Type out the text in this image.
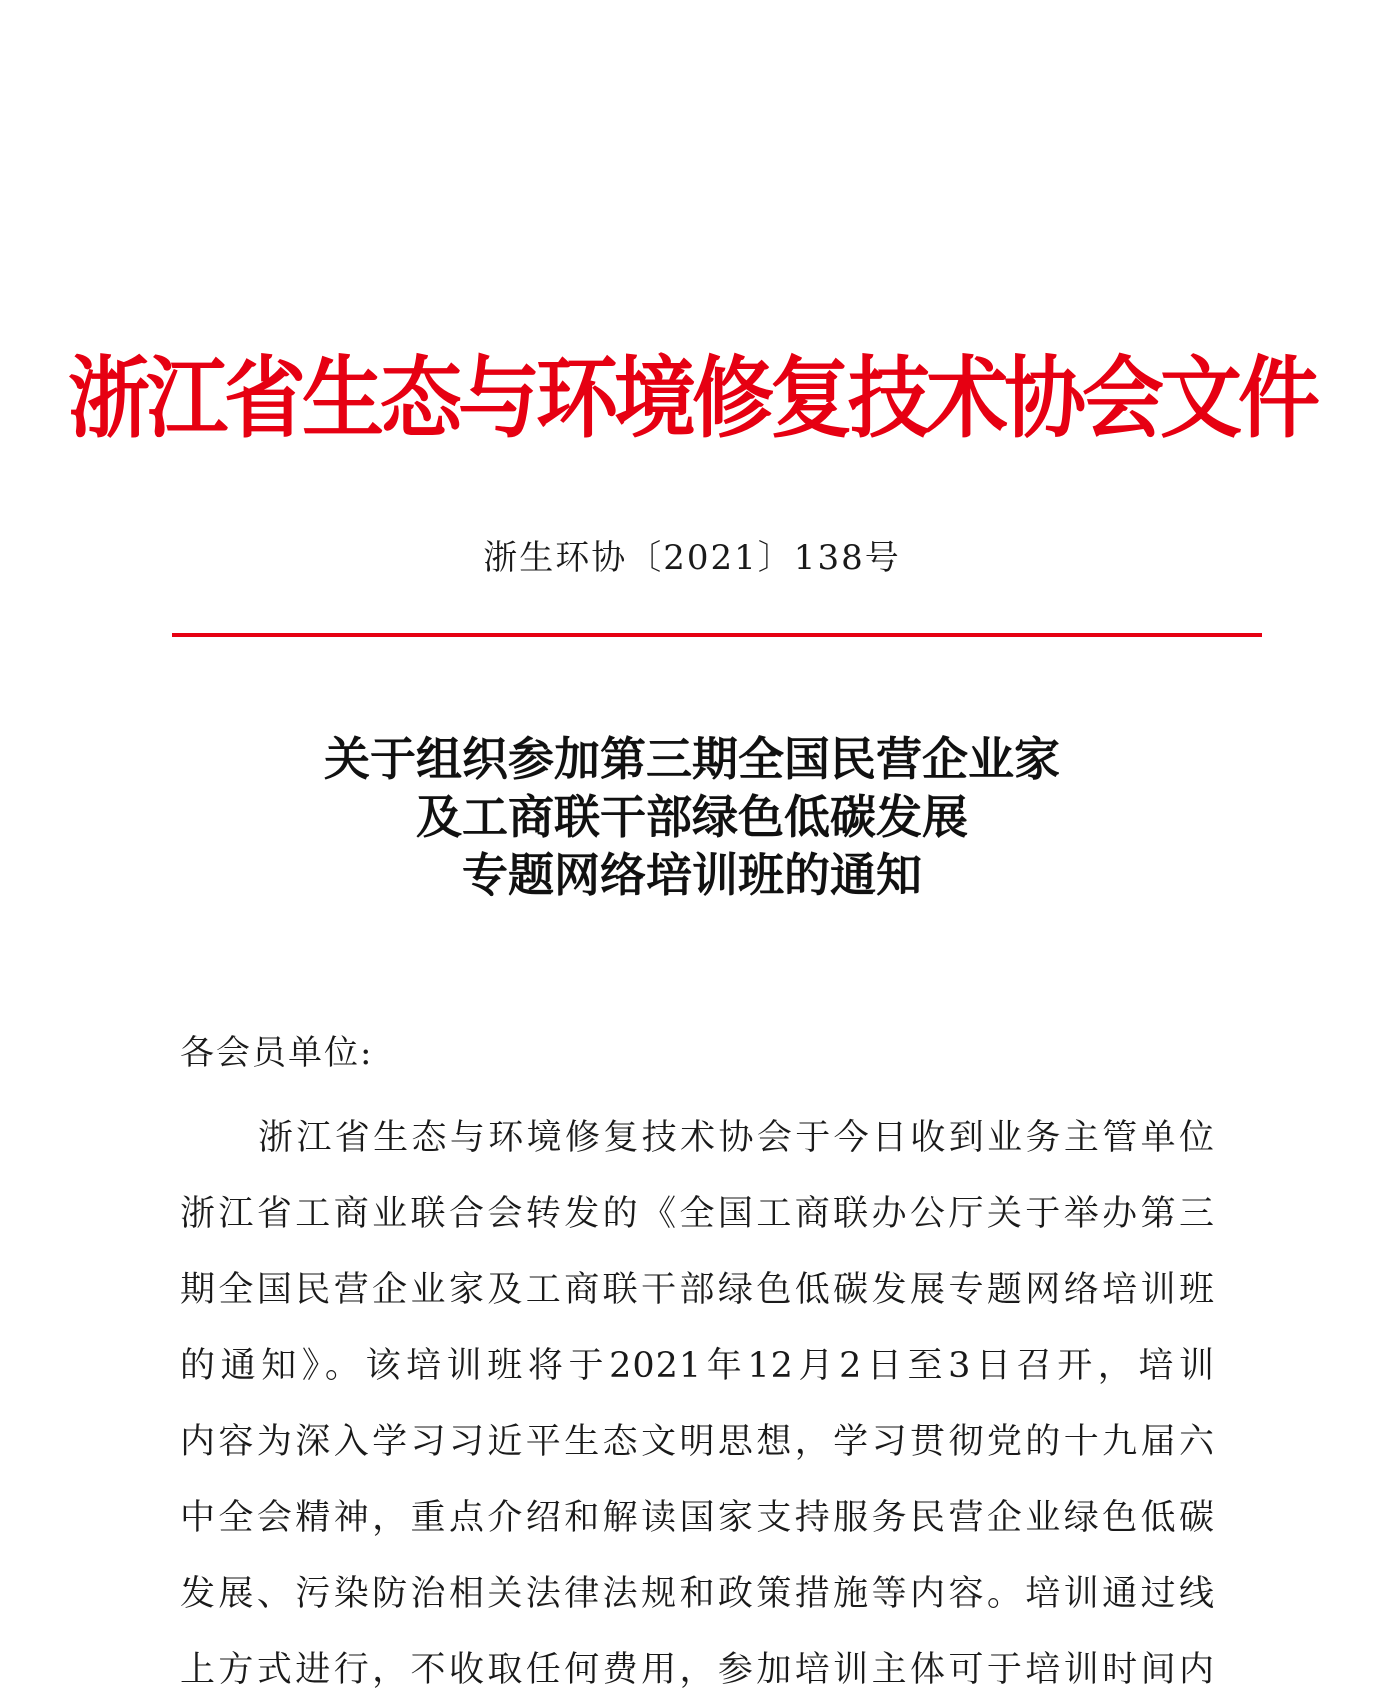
浙江省生态与环境修复技术协会文件
浙生环协〔2021〕138号
关于组织参加第三期全国民营企业家
及工商联干部绿色低碳发展
专题网络培训班的通知
各会员单位:
浙江省生态与环境修复技术协会于今日收到业务主管单位
浙江省工商业联合会转发的《全国工商联办公厅关于举办第三
期全国民营企业家及工商联干部绿色低碳发展专题网络培训班
的通知》。该培训班将于2021年12月2日至3日召开，培训
内容为深入学习习近平生态文明思想，学习贯彻党的十九届六
中全会精神，重点介绍和解读国家支持服务民营企业绿色低碳
发展、污染防治相关法律法规和政策措施等内容。培训通过线
上方式进行，不收取任何费用，参加培训主体可于培训时间内
